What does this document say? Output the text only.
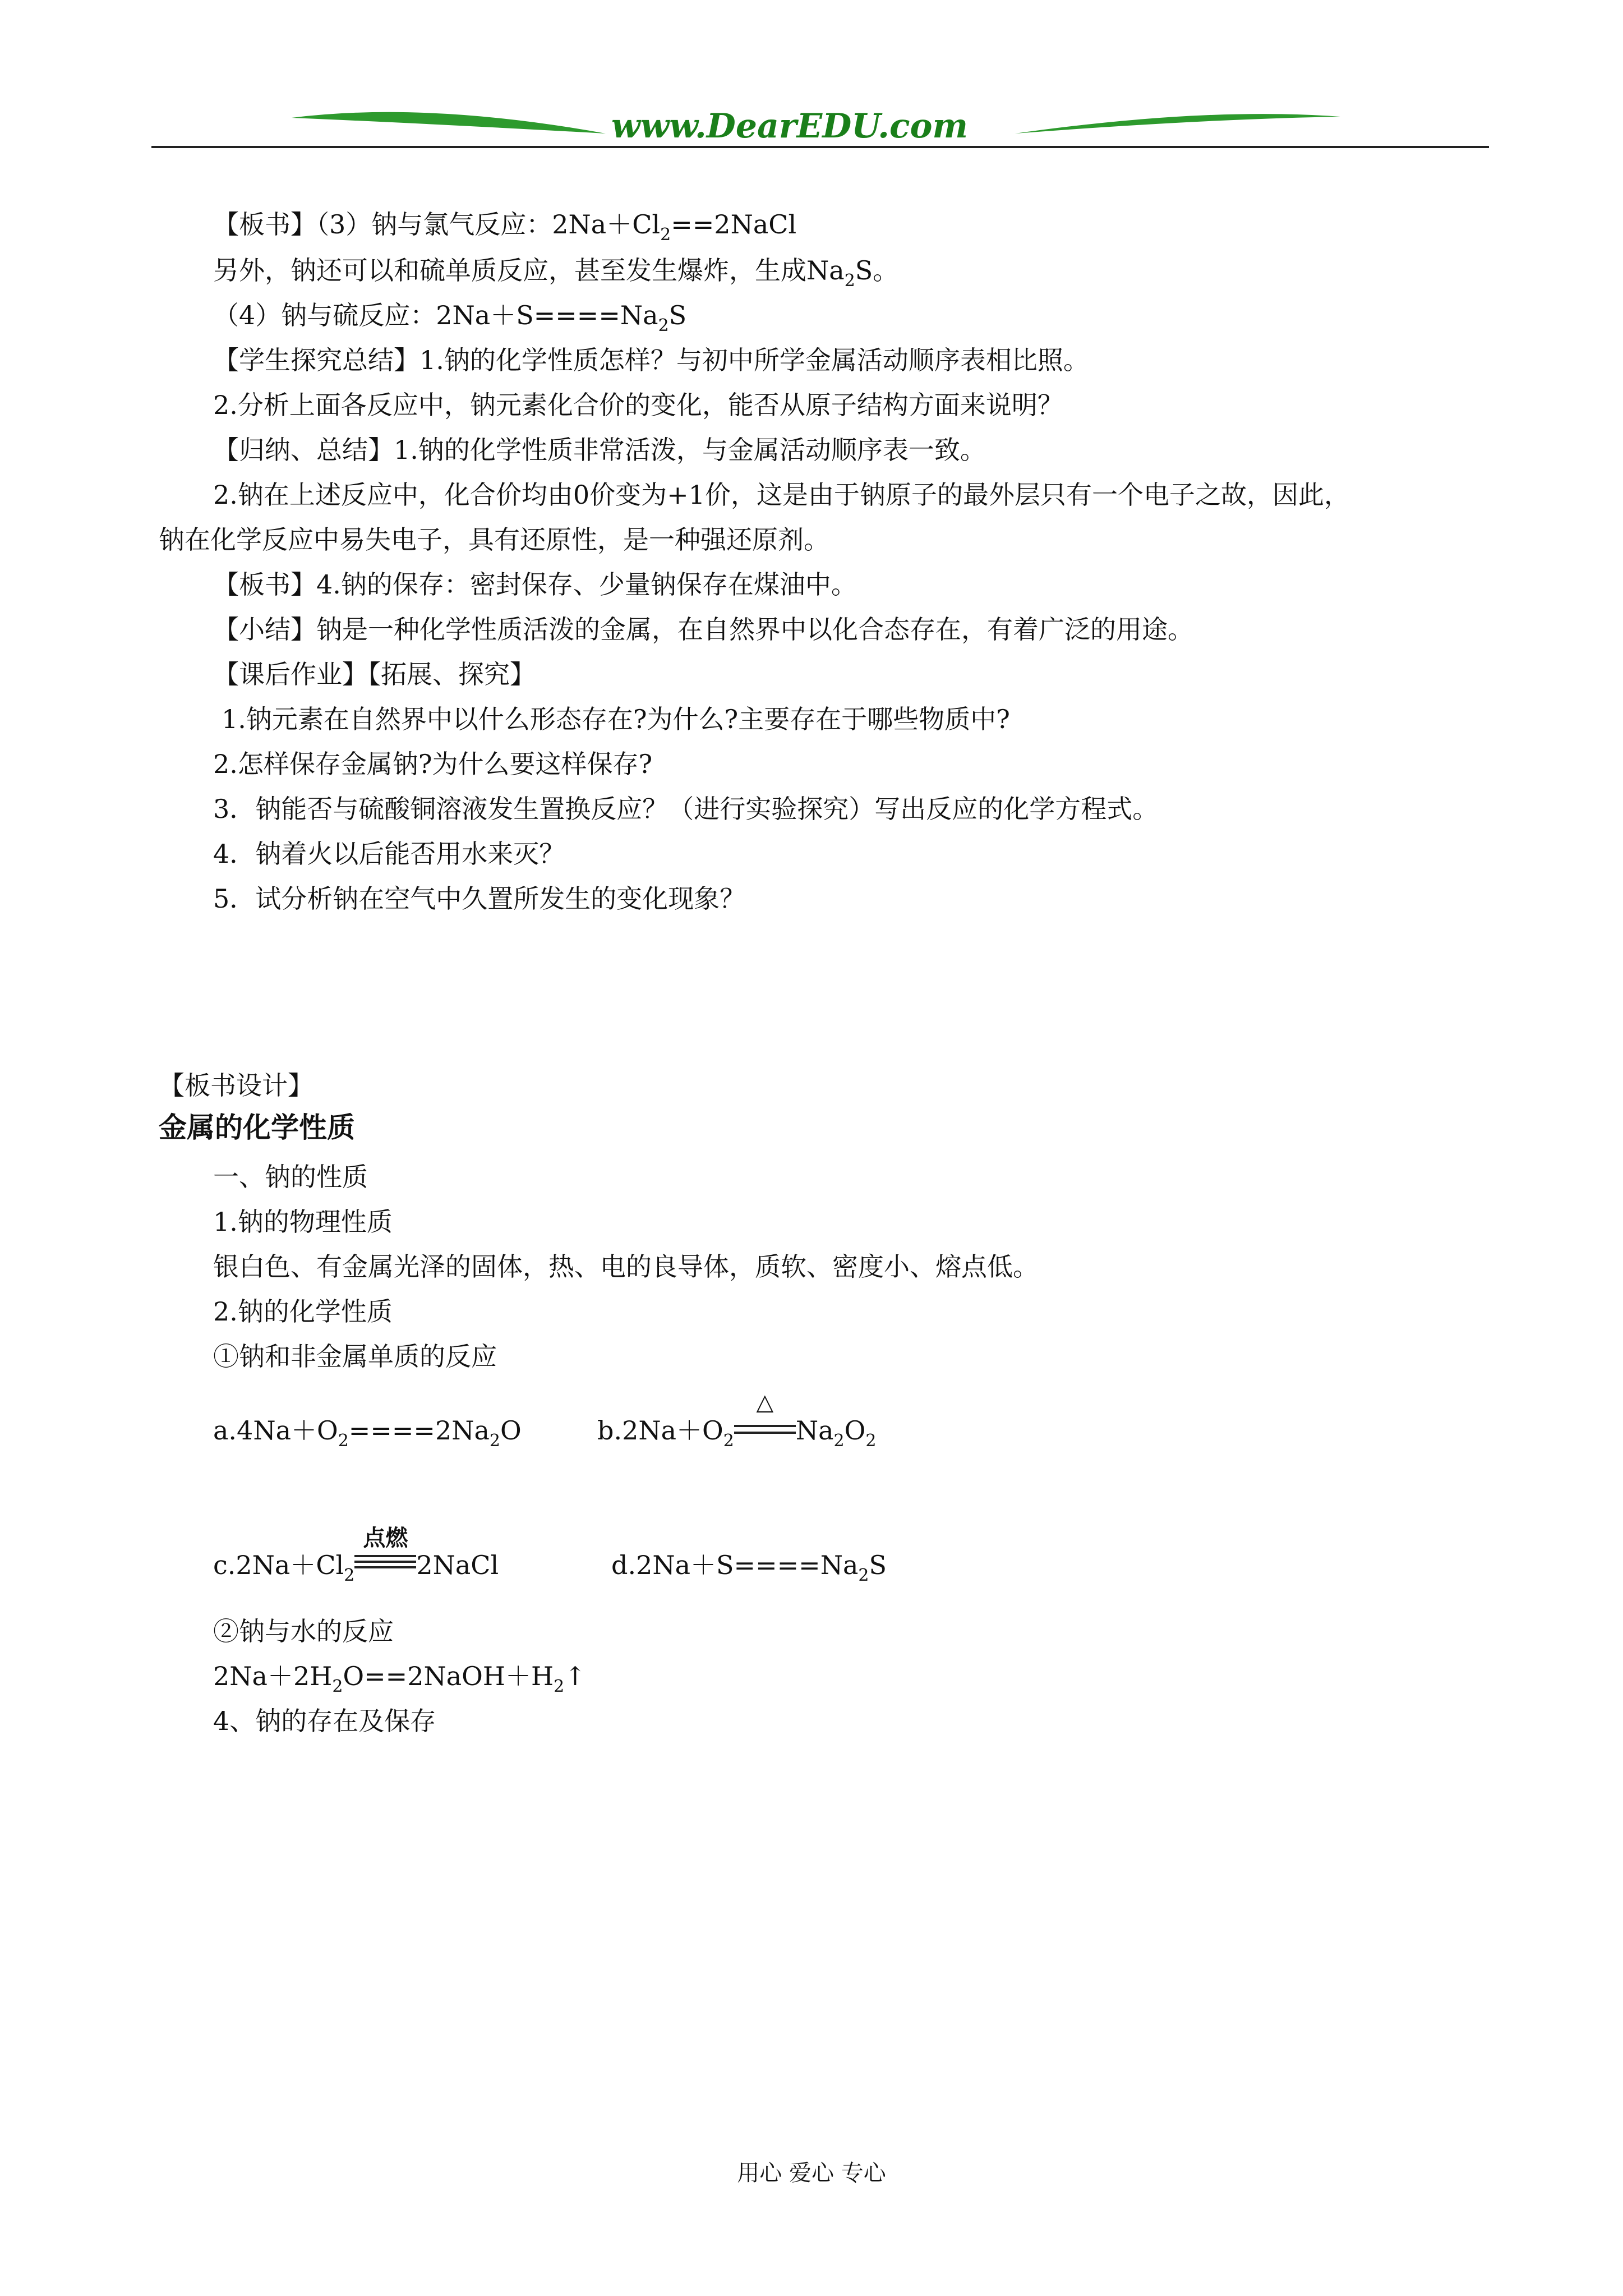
www.DearEDU.com
【板书】（3）钠与氯气反应：$2Na+Cl_2==2NaCl$
另外，钠还可以和硫单质反应，甚至发生爆炸，生成$Na_2S$。
（4）钠与硫反应：$2Na+S====Na_2S$
【学生探究总结】1.钠的化学性质怎样？与初中所学金属活动顺序表相比照。
2.分析上面各反应中，钠元素化合价的变化，能否从原子结构方面来说明？
【归纳、总结】1.钠的化学性质非常活泼，与金属活动顺序表一致。
2.钠在上述反应中，化合价均由0价变为+1价，这是由于钠原子的最外层只有一个电子之故，因此，
钠在化学反应中易失电子，具有还原性，是一种强还原剂。
【板书】4.钠的保存：密封保存、少量钠保存在煤油中。
【小结】钠是一种化学性质活泼的金属，在自然界中以化合态存在，有着广泛的用途。
【课后作业】【拓展、探究】
1.钠元素在自然界中以什么形态存在?为什么?主要存在于哪些物质中?
2.怎样保存金属钠?为什么要这样保存?
3．钠能否与硫酸铜溶液发生置换反应？（进行实验探究）写出反应的化学方程式。
4．钠着火以后能否用水来灭？
5．试分析钠在空气中久置所发生的变化现象？
【板书设计】
金属的化学性质
一、钠的性质
1.钠的物理性质
银白色、有金属光泽的固体，热、电的良导体，质软、密度小、熔点低。
2.钠的化学性质
①钠和非金属单质的反应
$a.4Na+O_2====2Na_2O$	$b.2Na+O_2$
△
$Na_2O_2$
$c.2Na+Cl_2$
点燃
2NaCl	$d.2Na+S====Na_2S$
②钠与水的反应
$2Na+2H_2O==2NaOH+H_2↑$
4、钠的存在及保存
用心 爱心 专心
